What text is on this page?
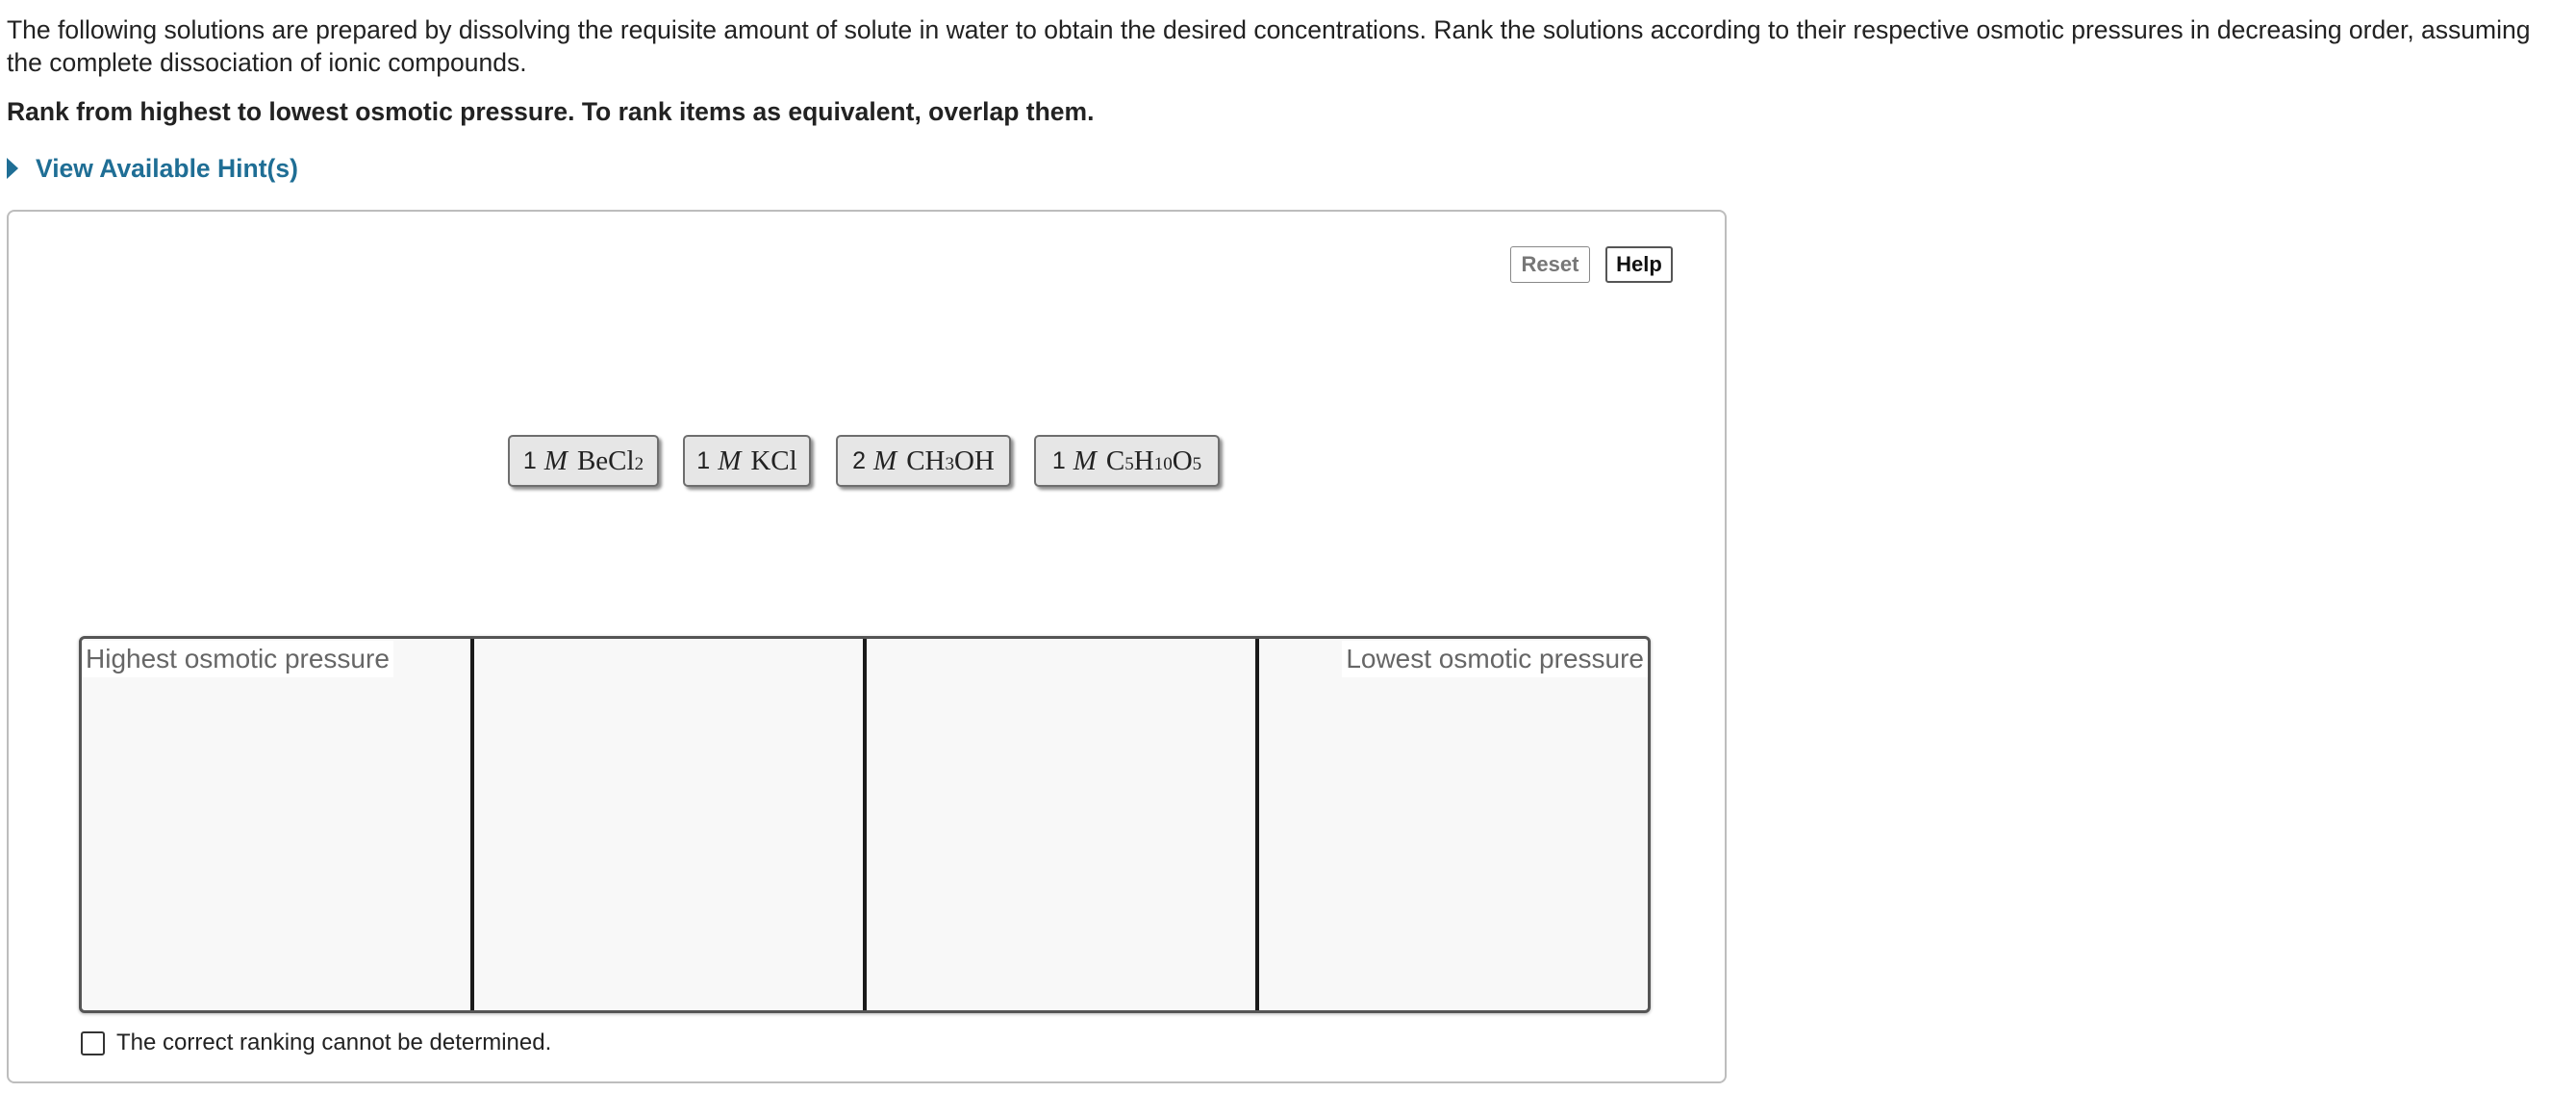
The following solutions are prepared by dissolving the requisite amount of solute in water to obtain the desired concentrations. Rank the solutions according to their respective osmotic pressures in decreasing order, assuming the complete dissociation of ionic compounds.

Rank from highest to lowest osmotic pressure. To rank items as equivalent, overlap them.

View Available Hint(s)
Reset	Help
1 M BeCl$_2$ 1 M KCl 2 M $CH_3$ OH 1 M $C_5$ $H_{10}$ $O_5$
Highest osmotic pressure	Lowest osmotic pressure
The correct ranking cannot be determined.
